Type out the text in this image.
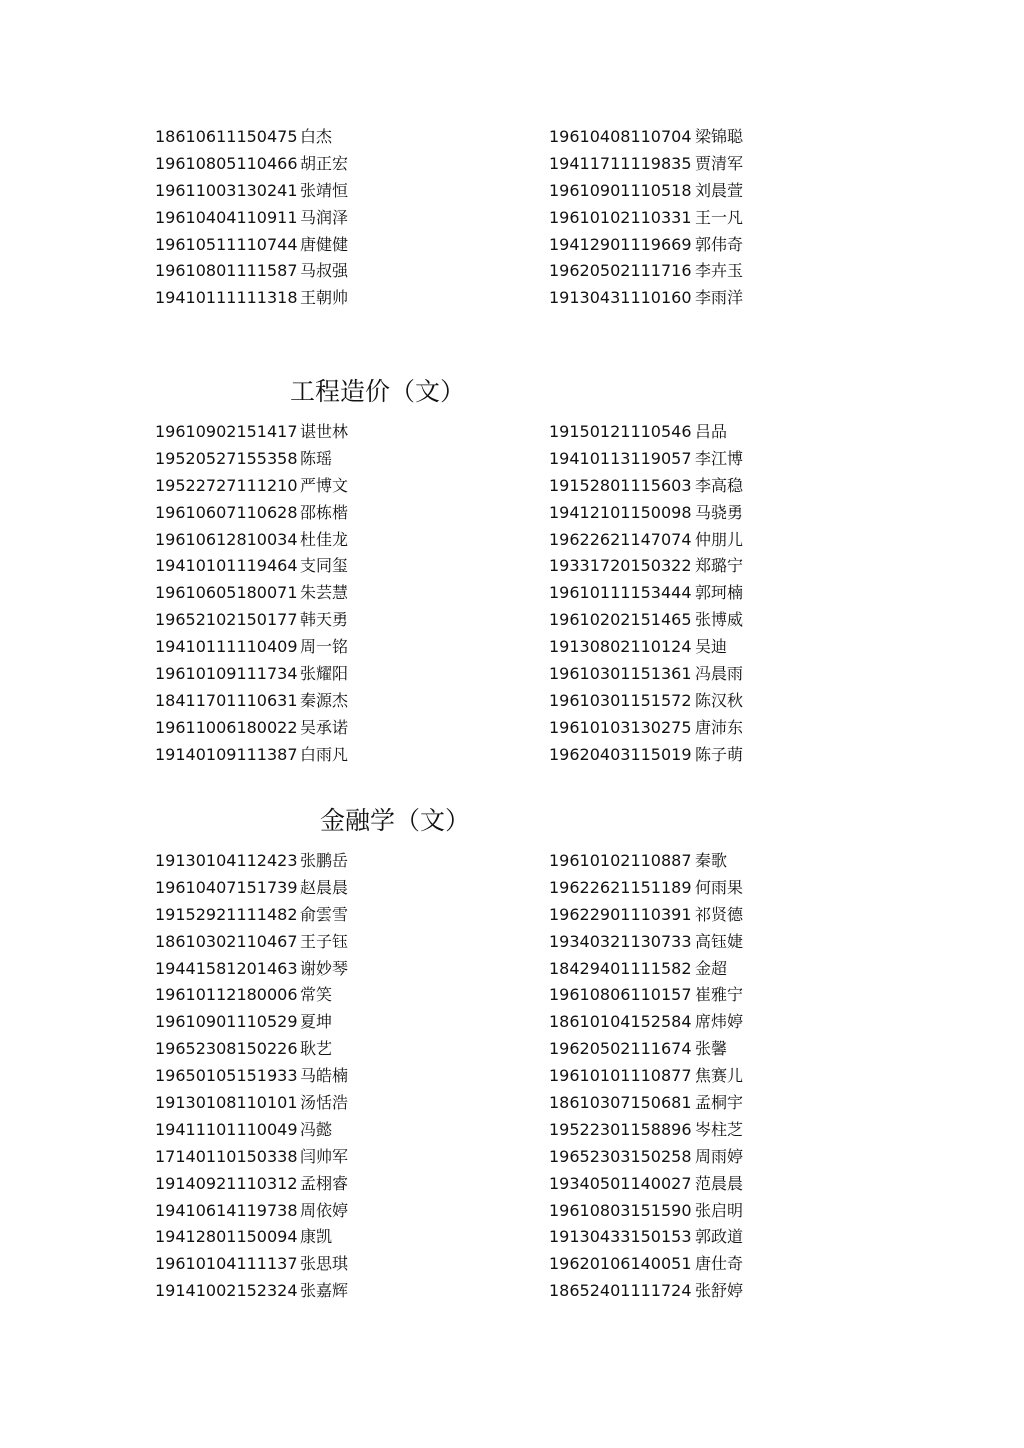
18610611150475 白杰	19610408110704 梁锦聪
19610805110466 胡正宏	19411711119835 贾清军
19611003130241 张靖恒	19610901110518 刘晨萱
19610404110911 马润泽	19610102110331 王一凡
19610511110744 唐健健	19412901119669 郭伟奇
19610801111587 马叔强	19620502111716 李卉玉
19410111111318 王朝帅	19130431110160 李雨洋
工程造价（文）
19610902151417 谌世林	19150121110546 吕品
19520527155358 陈瑶	19410113119057 李江博
19522727111210 严博文	19152801115603 李高稳
19610607110628 邵栋楷	19412101150098 马骁勇
19610612810034 杜佳龙	19622621147074 仲朋儿
19410101119464 支同玺	19331720150322 郑璐宁
19610605180071 朱芸慧	19610111153444 郭珂楠
19652102150177 韩天勇	19610202151465 张博威
19410111110409 周一铭	19130802110124 吴迪
19610109111734 张耀阳	19610301151361 冯晨雨
18411701110631 秦源杰	19610301151572 陈汉秋
19611006180022 吴承诺	19610103130275 唐沛东
19140109111387 白雨凡	19620403115019 陈子萌
金融学（文）
19130104112423 张鹏岳	19610102110887 秦歌
19610407151739 赵晨晨	19622621151189 何雨果
19152921111482 俞雲雪	19622901110391 祁贤德
18610302110467 王子钰	19340321130733 高钰婕
19441581201463 谢妙琴	18429401111582 金超
19610112180006 常笑	19610806110157 崔雅宁
19610901110529 夏坤	18610104152584 席炜婷
19652308150226 耿艺	19620502111674 张馨
19650105151933 马皓楠	19610101110877 焦赛儿
19130108110101 汤恬浩	18610307150681 孟桐宇
19411101110049 冯懿	19522301158896 岑柱芝
17140110150338 闫帅军	19652303150258 周雨婷
19140921110312 孟栩睿	19340501140027 范晨晨
19410614119738 周依婷	19610803151590 张启明
19412801150094 康凯	19130433150153 郭政道
19610104111137 张思琪	19620106140051 唐仕奇
19141002152324 张嘉辉	18652401111724 张舒婷
